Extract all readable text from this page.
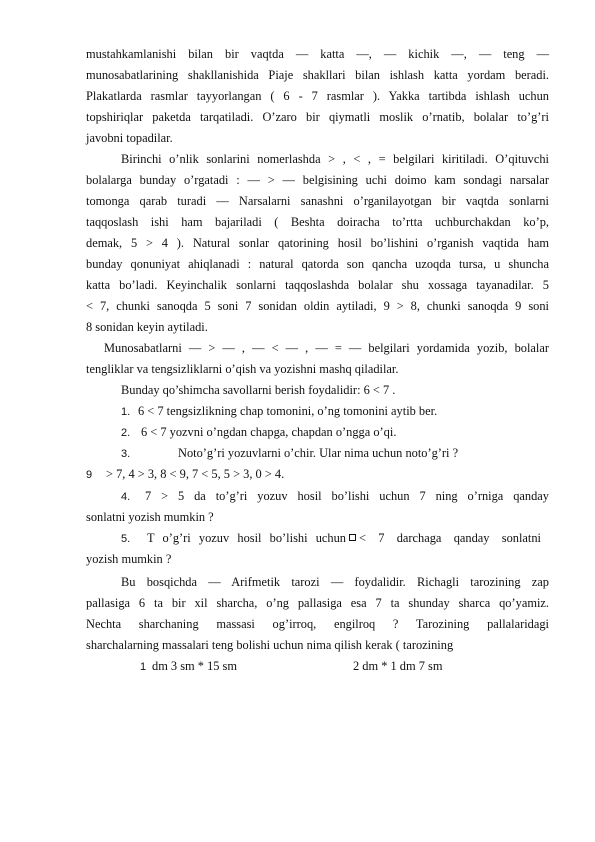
mustahkamlanishi bilan bir vaqtda — katta —, — kichik —, — teng —
munosabatlarining shakllanishida Piaje shakllari bilan ishlash katta yordam beradi.
Plakatlarda rasmlar tayyorlangan ( 6 - 7 rasmlar ). Yakka tartibda ishlash uchun
topshiriqlar paketda tarqatiladi. O’zaro bir qiymatli moslik o’rnatib, bolalar to’g’ri
javobni topadilar.
Birinchi o’nlik sonlarini nomerlashda > , < , = belgilari kiritiladi. O’qituvchi
bolalarga bunday o’rgatadi : — > — belgisining uchi doimo kam sondagi narsalar
tomonga qarab turadi — Narsalarni sanashni o’rganilayotgan bir vaqtda sonlarni
taqqoslash ishi ham bajariladi ( Beshta doiracha to’rtta uchburchakdan ko’p,
demak, 5 > 4 ). Natural sonlar qatorining hosil bo’lishini o’rganish vaqtida ham
bunday qonuniyat ahiqlanadi : natural qatorda son qancha uzoqda tursa, u shuncha
katta bo’ladi. Keyinchalik sonlarni taqqoslashda bolalar shu xossaga tayanadilar. 5
< 7, chunki sanoqda 5 soni 7 sonidan oldin aytiladi, 9 > 8, chunki sanoqda 9 soni
8 sonidan keyin aytiladi.
Munosabatlarni — > — , — < — , — = — belgilari yordamida yozib, bolalar
tengliklar va tengsizliklarni o’qish va yozishni mashq qiladilar.
Bunday qo’shimcha savollarni berish foydalidir: 6 < 7 .
1. 6 < 7 tengsizlikning chap tomonini, o’ng tomonini aytib ber.
2. 6 < 7 yozvni o’ngdan chapga, chapdan o’ngga o’qi.
3.	Noto’g’ri yozuvlarni o’chir. Ular nima uchun noto’g’ri ?
9 > 7, 4 > 3, 8 < 9, 7 < 5, 5 > 3, 0 > 4.
4. 7 > 5 da to’g’ri yozuv hosil bo’lishi uchun 7 ning o’rniga qanday
sonlatni yozish mumkin ?
5. T o’g’ri yozuv hosil bo’lishi uchun < 7 darchaga qanday sonlatni
yozish mumkin ?
Bu bosqichda — Arifmetik tarozi — foydalidir. Richagli tarozining zap
pallasiga 6 ta bir xil sharcha, o’ng pallasiga esa 7 ta shunday sharca qo’yamiz.
Nechta sharchaning massasi og’irroq, engilroq ? Tarozining pallalaridagi
sharchalarning massalari teng bolishi uchun nima qilish kerak ( tarozining
1 dm 3 sm * 15 sm	2 dm * 1 dm 7 sm
